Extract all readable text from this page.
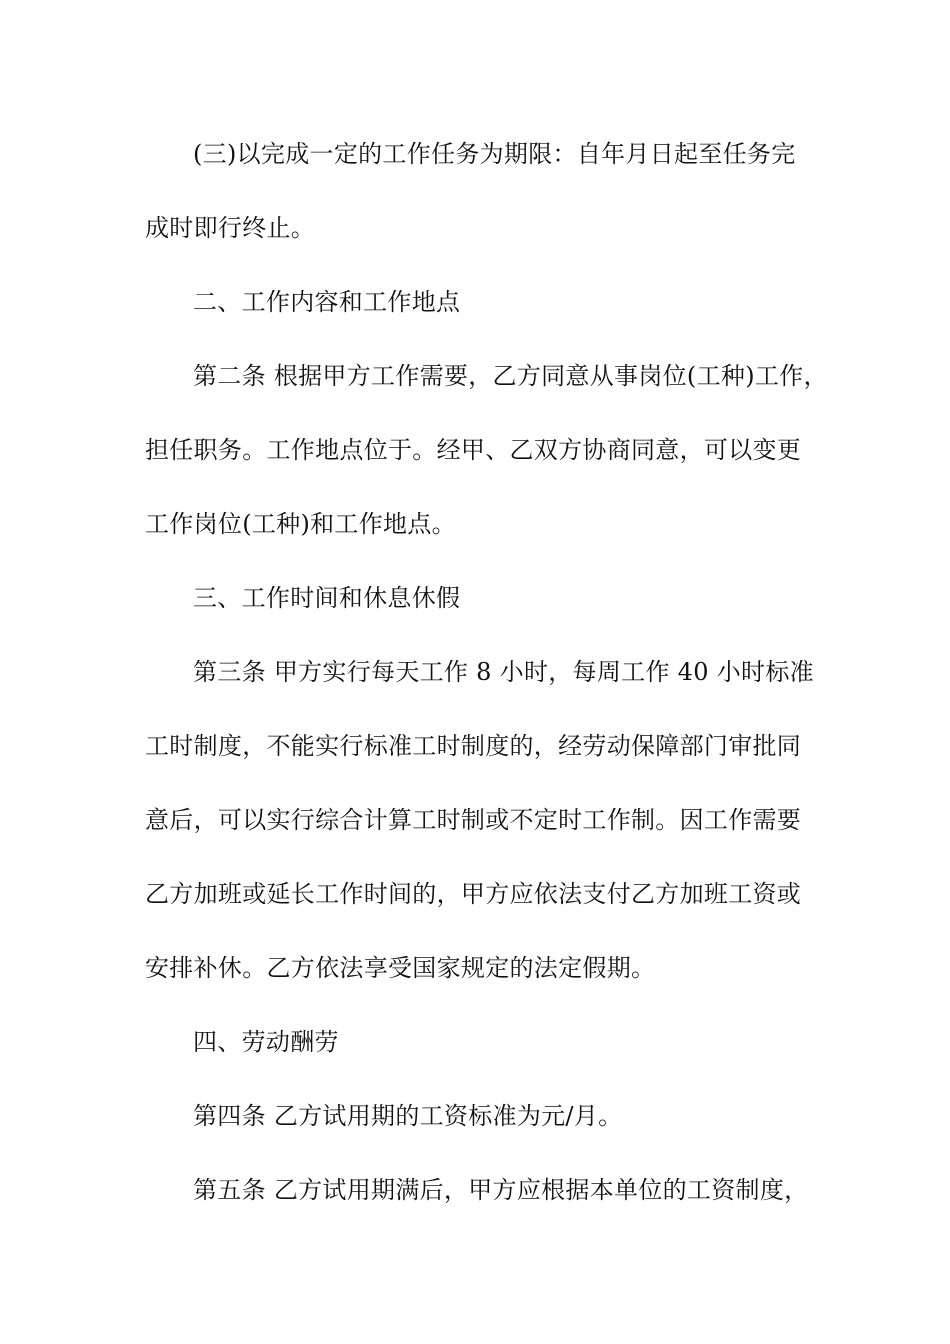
(三)以完成一定的工作任务为期限：自年月日起至任务完
成时即行终止。
二、工作内容和工作地点
第二条 根据甲方工作需要，乙方同意从事岗位(工种)工作，
担任职务。工作地点位于。经甲、乙双方协商同意，可以变更
工作岗位(工种)和工作地点。
三、工作时间和休息休假
第三条 甲方实行每天工作 8 小时，每周工作 40 小时标准
工时制度，不能实行标准工时制度的，经劳动保障部门审批同
意后，可以实行综合计算工时制或不定时工作制。因工作需要
乙方加班或延长工作时间的，甲方应依法支付乙方加班工资或
安排补休。乙方依法享受国家规定的法定假期。
四、劳动酬劳
第四条 乙方试用期的工资标准为元/月。
第五条 乙方试用期满后，甲方应根据本单位的工资制度，
